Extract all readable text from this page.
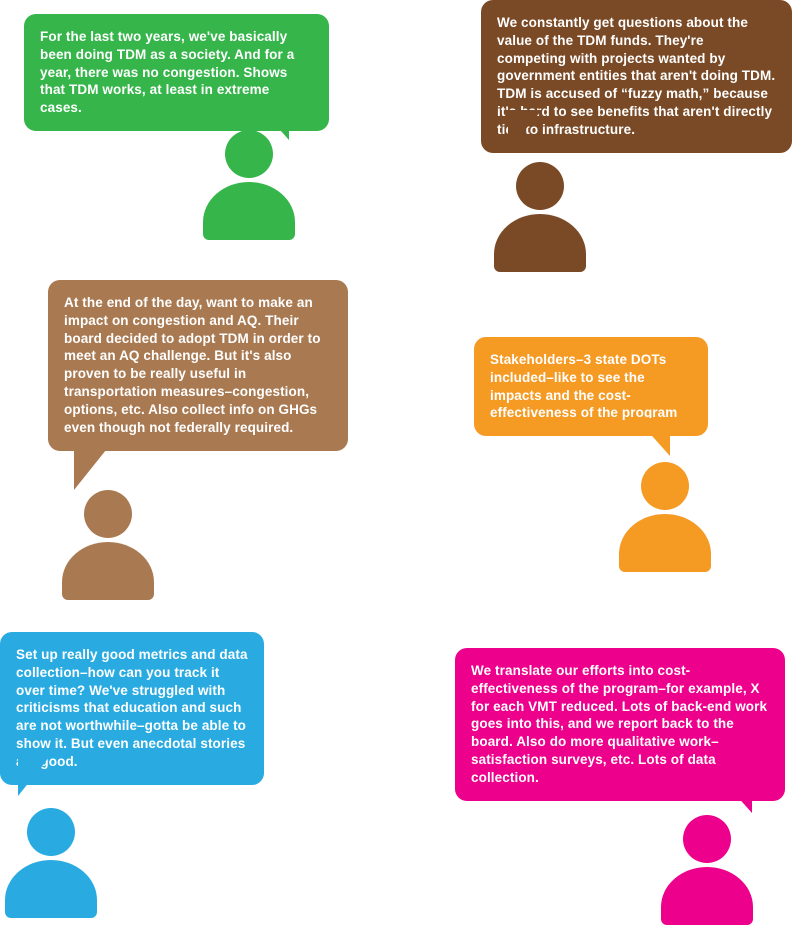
For the last two years, we've basically been doing TDM as a society. And for a year, there was no congestion. Shows that TDM works, at least in extreme cases.
We constantly get questions about the value of the TDM funds. They're competing with projects wanted by government entities that aren't doing TDM. TDM is accused of “fuzzy math,” because it's hard to see benefits that aren't directly tied to infrastructure.
At the end of the day, want to make an impact on congestion and AQ. Their board decided to adopt TDM in order to meet an AQ challenge. But it's also proven to be really useful in transportation measures–congestion, options, etc. Also collect info on GHGs even though not federally required.
Stakeholders–3 state DOTs included–like to see the impacts and the cost-effectiveness of the program
Set up really good metrics and data collection–how can you track it over time? We've struggled with criticisms that education and such are not worthwhile–gotta be able to show it. But even anecdotal stories are good.
We translate our efforts into cost-effectiveness of the program–for example, X for each VMT reduced. Lots of back-end work goes into this, and we report back to the board. Also do more qualitative work–satisfaction surveys, etc. Lots of data collection.
